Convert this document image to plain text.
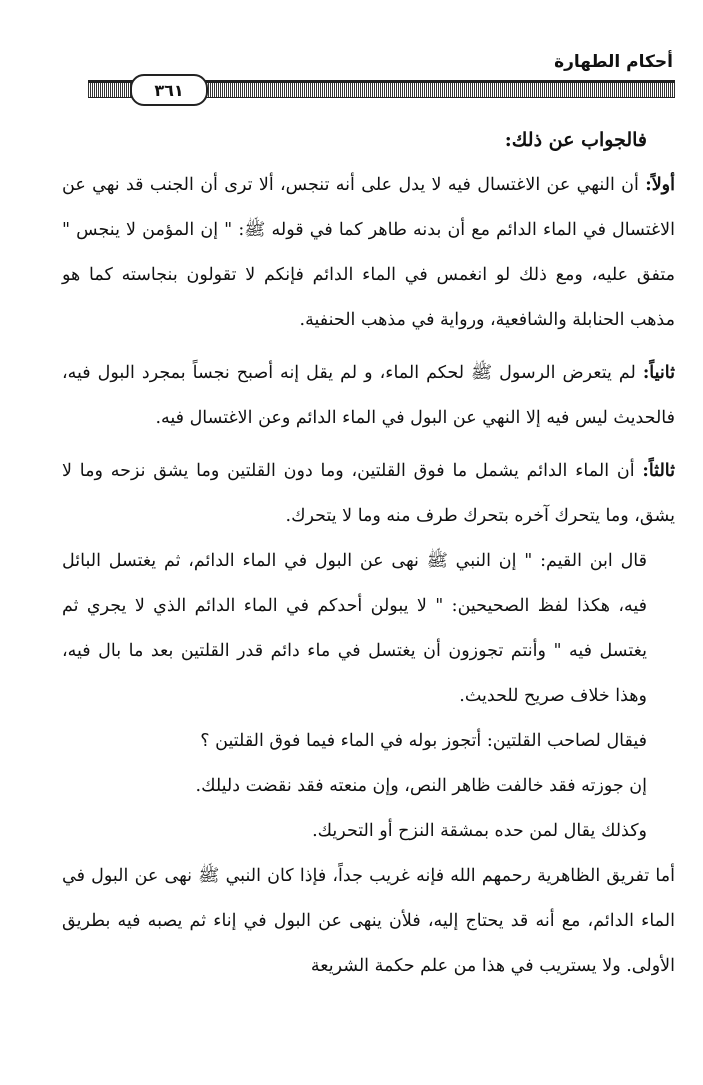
أحكام الطهارة
٣٦١

فالجواب عن ذلك:

أولاً: أن النهي عن الاغتسال فيه لا يدل على أنه تنجس، ألا ترى أن الجنب قد نهي عن الاغتسال في الماء الدائم مع أن بدنه طاهر كما في قوله ﷺ: " إن المؤمن لا ينجس " متفق عليه، ومع ذلك لو انغمس في الماء الدائم فإنكم لا تقولون بنجاسته كما هو مذهب الحنابلة والشافعية، ورواية في مذهب الحنفية.

ثانياً: لم يتعرض الرسول ﷺ لحكم الماء، و لم يقل إنه أصبح نجساً بمجرد البول فيه، فالحديث ليس فيه إلا النهي عن البول في الماء الدائم وعن الاغتسال فيه.

ثالثاً: أن الماء الدائم يشمل ما فوق القلتين، وما دون القلتين وما يشق نزحه وما لا يشق، وما يتحرك آخره بتحرك طرف منه وما لا يتحرك.

قال ابن القيم: " إن النبي ﷺ نهى عن البول في الماء الدائم، ثم يغتسل البائل فيه، هكذا لفظ الصحيحين: " لا يبولن أحدكم في الماء الدائم الذي لا يجري ثم يغتسل فيه " وأنتم تجوزون أن يغتسل في ماء دائم قدر القلتين بعد ما بال فيه، وهذا خلاف صريح للحديث.

فيقال لصاحب القلتين: أتجوز بوله في الماء فيما فوق القلتين ؟

إن جوزته فقد خالفت ظاهر النص، وإن منعته فقد نقضت دليلك.

وكذلك يقال لمن حده بمشقة النزح أو التحريك.

أما تفريق الظاهرية رحمهم الله فإنه غريب جداً، فإذا كان النبي ﷺ نهى عن البول في الماء الدائم، مع أنه قد يحتاج إليه، فلأن ينهى عن البول في إناء ثم يصبه فيه بطريق الأولى. ولا يستريب في هذا من علم حكمة الشريعة
